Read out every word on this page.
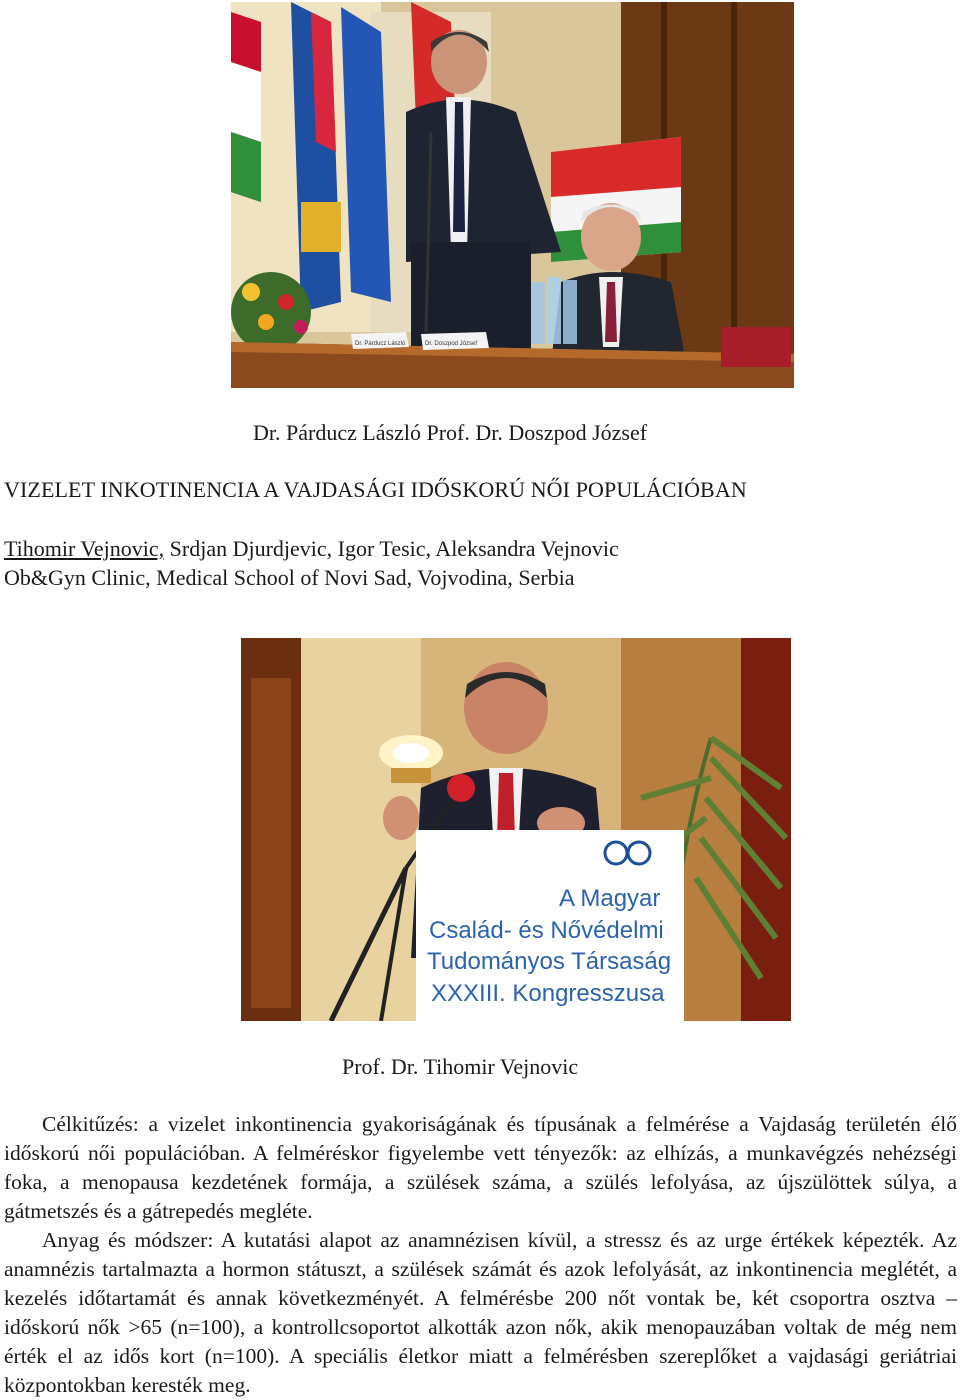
Dr. Párducz László	Dr. Doszpod József
Dr. Párducz László Prof. Dr. Doszpod József
VIZELET INKOTINENCIA A VAJDASÁGI IDŐSKORÚ NŐI POPULÁCIÓBAN
Tihomir Vejnovic, Srdjan Djurdjevic, Igor Tesic, Aleksandra Vejnovic
Ob&Gyn Clinic, Medical School of Novi Sad, Vojvodina, Serbia
A Magyar
Család- és Nővédelmi
Tudományos Társaság
XXXIII. Kongresszusa
Prof. Dr. Tihomir Vejnovic

Célkitűzés: a vizelet inkontinencia gyakoriságának és típusának a felmérése a Vajdaság területén élő időskorú női populációban. A felméréskor figyelembe vett tényezők: az elhízás, a munkavégzés nehézségi foka, a menopausa kezdetének formája, a szülések száma, a szülés lefolyása, az újszülöttek súlya, a gátmetszés és a gátrepedés megléte.

Anyag és módszer: A kutatási alapot az anamnézisen kívül, a stressz és az urge értékek képezték. Az anamnézis tartalmazta a hormon státuszt, a szülések számát és azok lefolyását, az inkontinencia meglétét, a kezelés időtartamát és annak következményét. A felmérésbe 200 nőt vontak be, két csoportra osztva – időskorú nők >65 (n=100), a kontrollcsoportot alkották azon nők, akik menopauzában voltak de még nem érték el az idős kort (n=100). A speciális életkor miatt a felmérésben szereplőket a vajdasági geriátriai központokban keresték meg.
